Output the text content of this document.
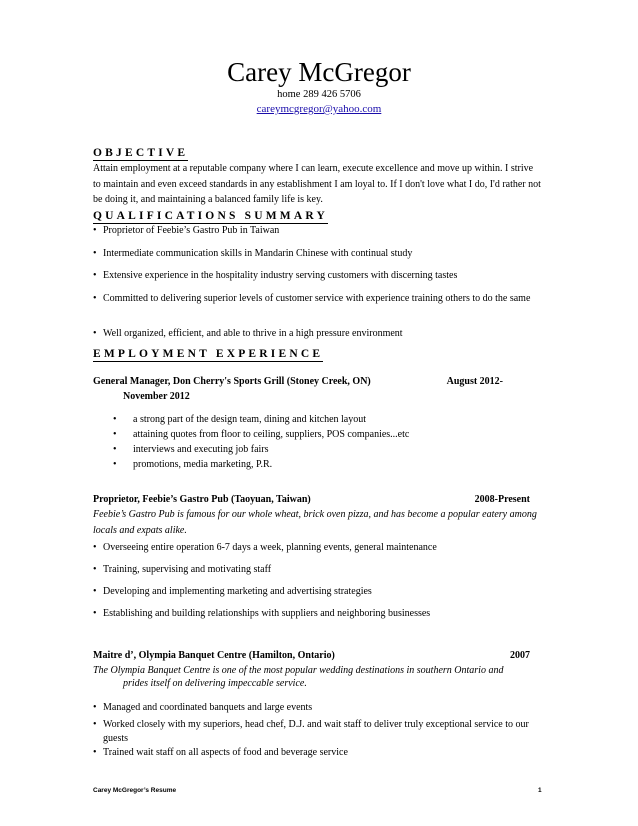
Carey McGregor
home 289 426 5706
careymcgregor@yahoo.com
OBJECTIVE
Attain employment at a reputable company where I can learn, execute excellence and move up within. I strive to maintain and even exceed standards in any establishment I am loyal to. If I don't love what I do, I'd rather not be doing it, and maintaining a balanced family life is key.
QUALIFICATIONS SUMMARY
• Proprietor of Feebie’s Gastro Pub in Taiwan
• Intermediate communication skills in Mandarin Chinese with continual study
• Extensive experience in the hospitality industry serving customers with discerning tastes
• Committed to delivering superior levels of customer service with experience training others to do the same
• Well organized, efficient, and able to thrive in a high pressure environment
EMPLOYMENT EXPERIENCE
General Manager, Don Cherry's Sports Grill (Stoney Creek, ON)	August 2012-
November 2012
• a strong part of the design team, dining and kitchen layout
• attaining quotes from floor to ceiling, suppliers, POS companies...etc
• interviews and executing job fairs
• promotions, media marketing, P.R.
Proprietor, Feebie’s Gastro Pub (Taoyuan, Taiwan)	2008-Present
Feebie’s Gastro Pub is famous for our whole wheat, brick oven pizza, and has become a popular eatery among locals and expats alike.
• Overseeing entire operation 6-7 days a week, planning events, general maintenance
• Training, supervising and motivating staff
• Developing and implementing marketing and advertising strategies
• Establishing and building relationships with suppliers and neighboring businesses
Maitre d’, Olympia Banquet Centre (Hamilton, Ontario)	2007
The Olympia Banquet Centre is one of the most popular wedding destinations in southern Ontario and
prides itself on delivering impeccable service.
• Managed and coordinated banquets and large events
• Worked closely with my superiors, head chef, D.J. and wait staff to deliver truly exceptional service to our guests
• Trained wait staff on all aspects of food and beverage service
Carey McGregor’s Resume	1
